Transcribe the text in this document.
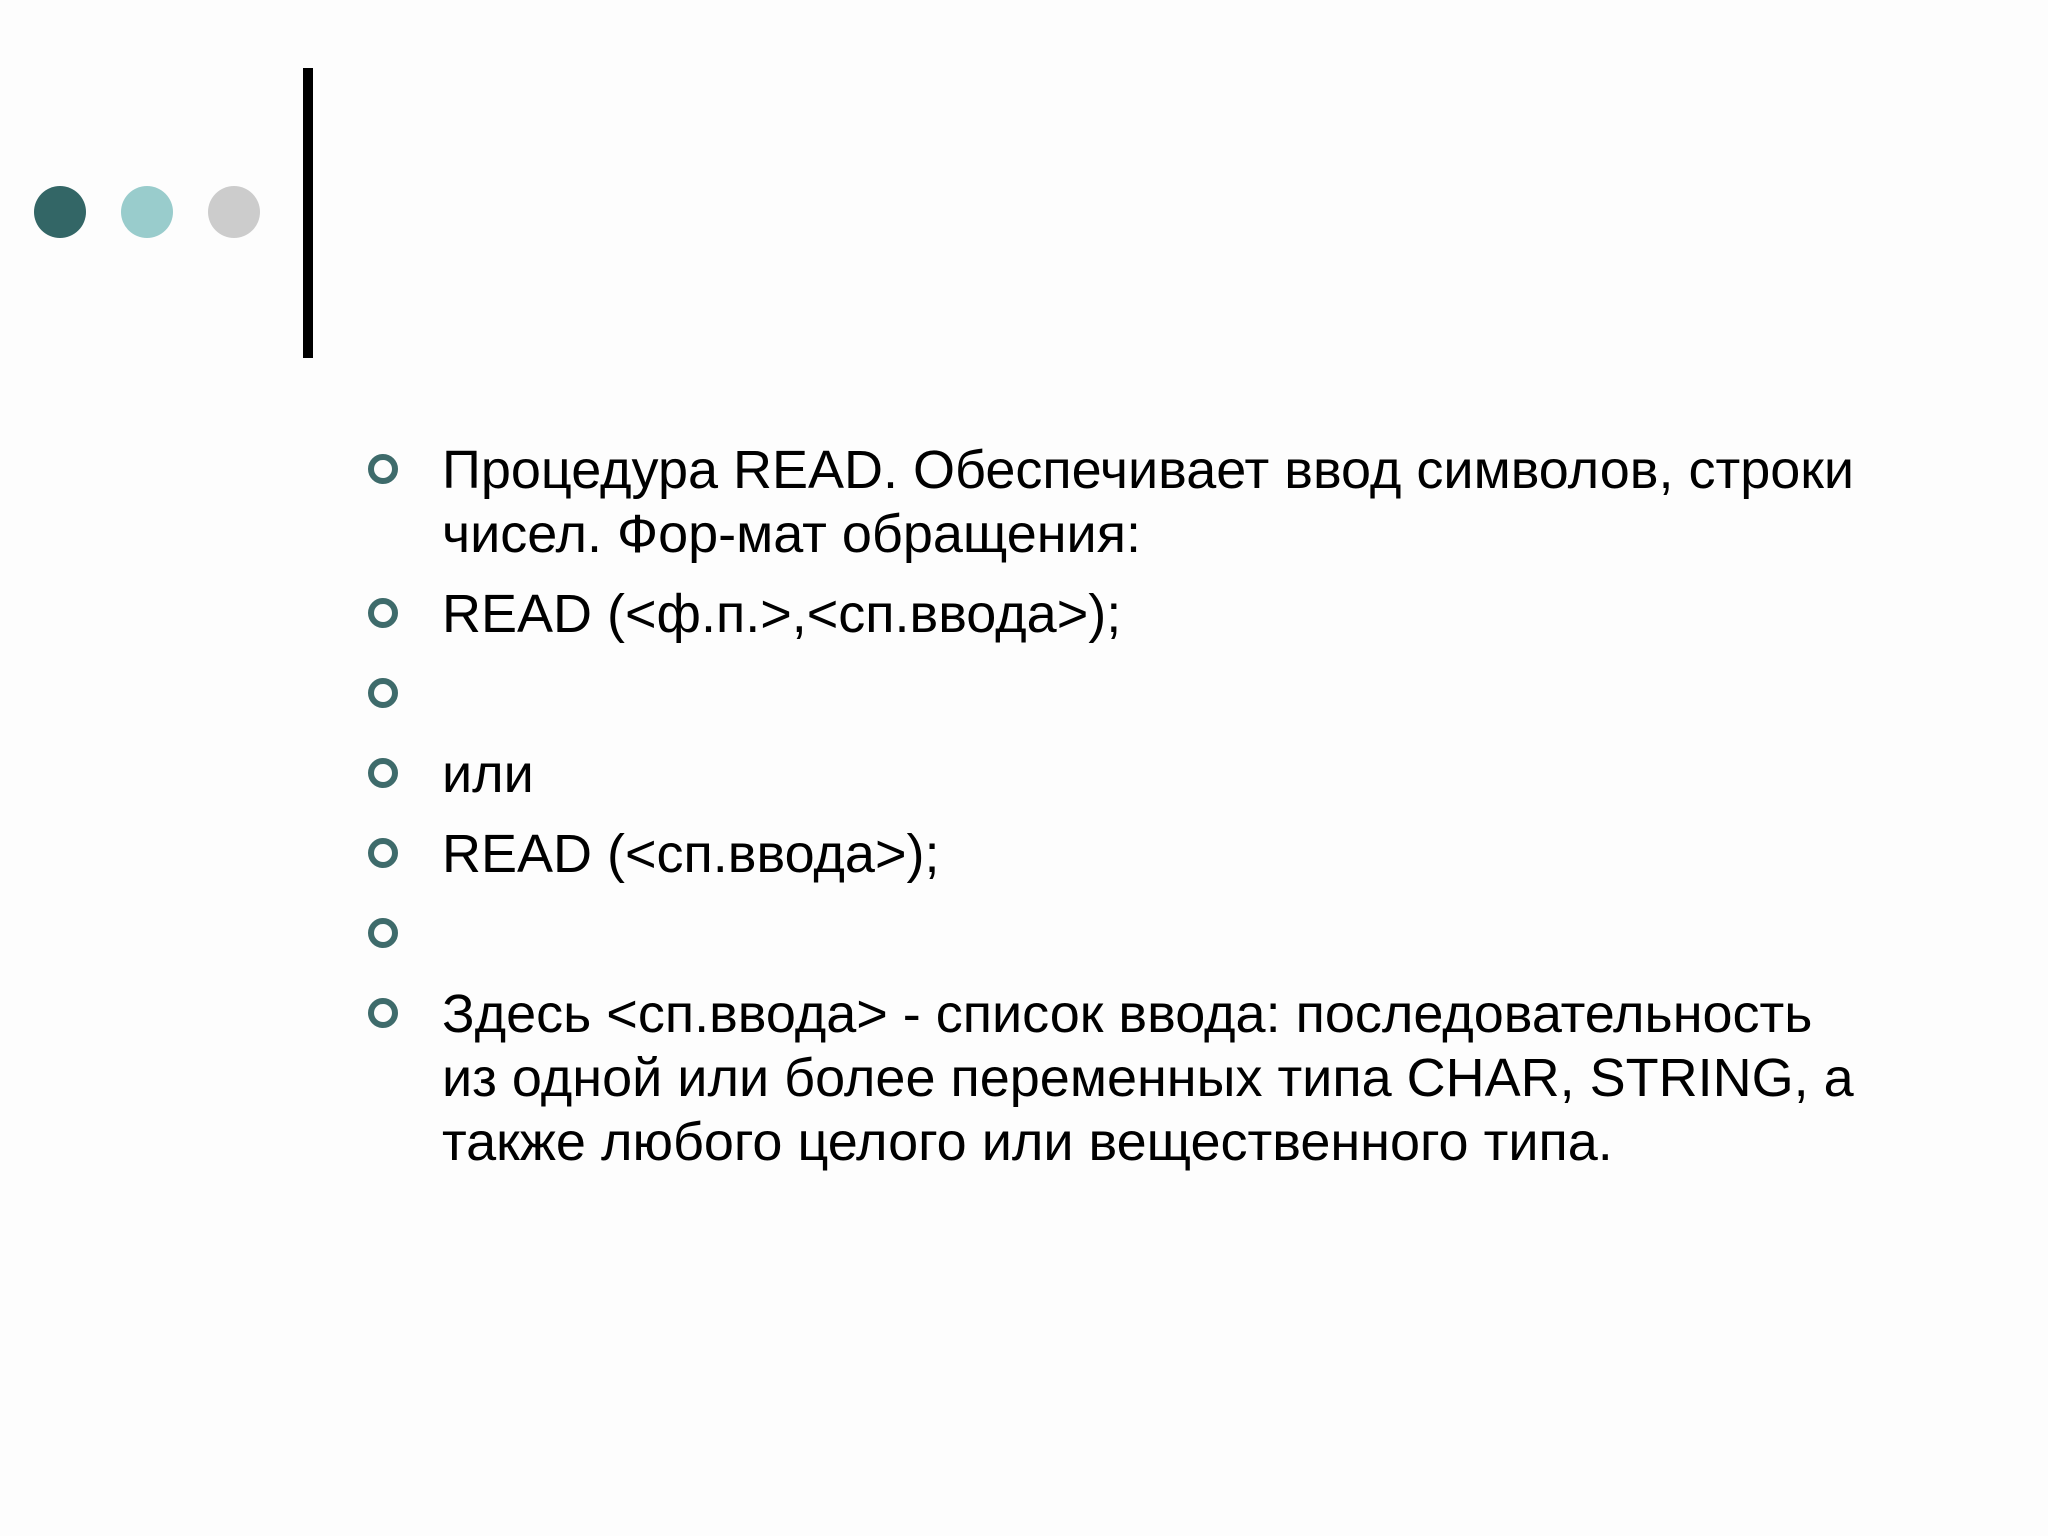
Процедура READ. Обеспечивает ввод символов, строки чисел. Фор-мат обращения:
READ (<ф.п.>,<сп.ввода>);
или
READ (<сп.ввода>);
Здесь <сп.ввода> - список ввода: последовательность из одной или более переменных типа CHAR, STRING, а также любого целого или вещественного типа.
